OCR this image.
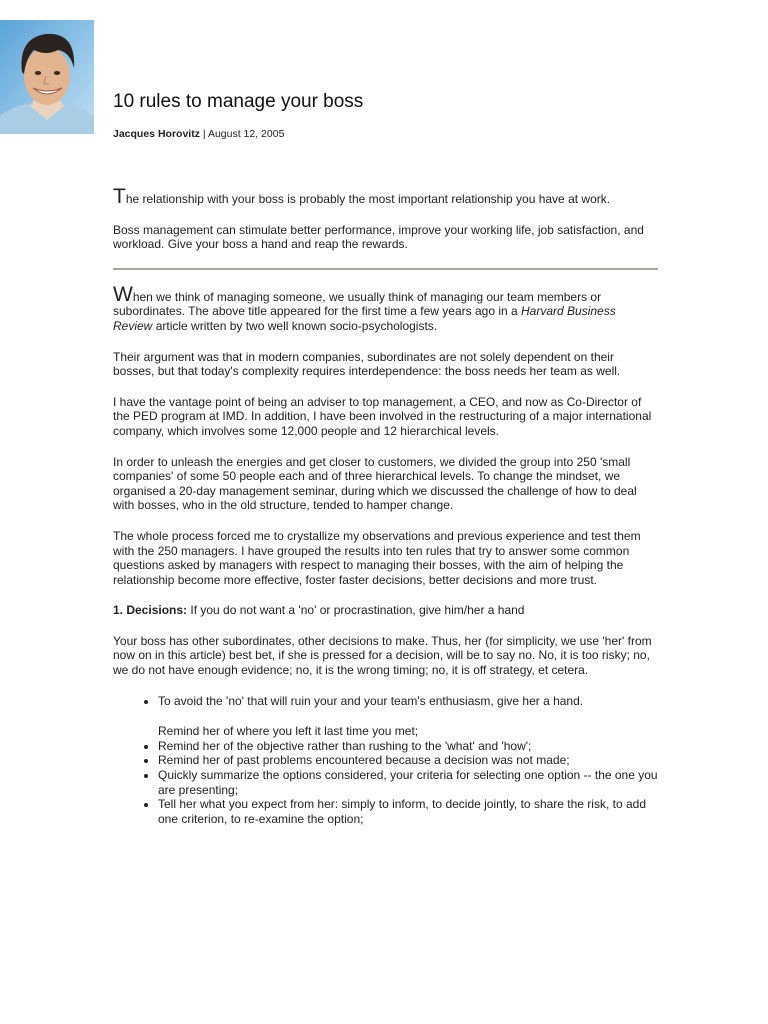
10 rules to manage your boss
Jacques Horovitz | August 12, 2005

The relationship with your boss is probably the most important relationship you have at work.

Boss management can stimulate better performance, improve your working life, job satisfaction, and workload. Give your boss a hand and reap the rewards.

When we think of managing someone, we usually think of managing our team members or subordinates. The above title appeared for the first time a few years ago in a Harvard Business Review article written by two well known socio-psychologists.

Their argument was that in modern companies, subordinates are not solely dependent on their bosses, but that today's complexity requires interdependence: the boss needs her team as well.

I have the vantage point of being an adviser to top management, a CEO, and now as Co-Director of the PED program at IMD. In addition, I have been involved in the restructuring of a major international company, which involves some 12,000 people and 12 hierarchical levels.

In order to unleash the energies and get closer to customers, we divided the group into 250 'small companies' of some 50 people each and of three hierarchical levels. To change the mindset, we organised a 20-day management seminar, during which we discussed the challenge of how to deal with bosses, who in the old structure, tended to hamper change.

The whole process forced me to crystallize my observations and previous experience and test them with the 250 managers. I have grouped the results into ten rules that try to answer some common questions asked by managers with respect to managing their bosses, with the aim of helping the relationship become more effective, foster faster decisions, better decisions and more trust.

1. Decisions: If you do not want a 'no' or procrastination, give him/her a hand

Your boss has other subordinates, other decisions to make. Thus, her (for simplicity, we use 'her' from now on in this article) best bet, if she is pressed for a decision, will be to say no. No, it is too risky; no, we do not have enough evidence; no, it is the wrong timing; no, it is off strategy, et cetera.

• To avoid the 'no' that will ruin your and your team's enthusiasm, give her a hand.
Remind her of where you left it last time you met;
• Remind her of the objective rather than rushing to the 'what' and 'how';
• Remind her of past problems encountered because a decision was not made;
• Quickly summarize the options considered, your criteria for selecting one option -- the one you are presenting;
• Tell her what you expect from her: simply to inform, to decide jointly, to share the risk, to add one criterion, to re-examine the option;
